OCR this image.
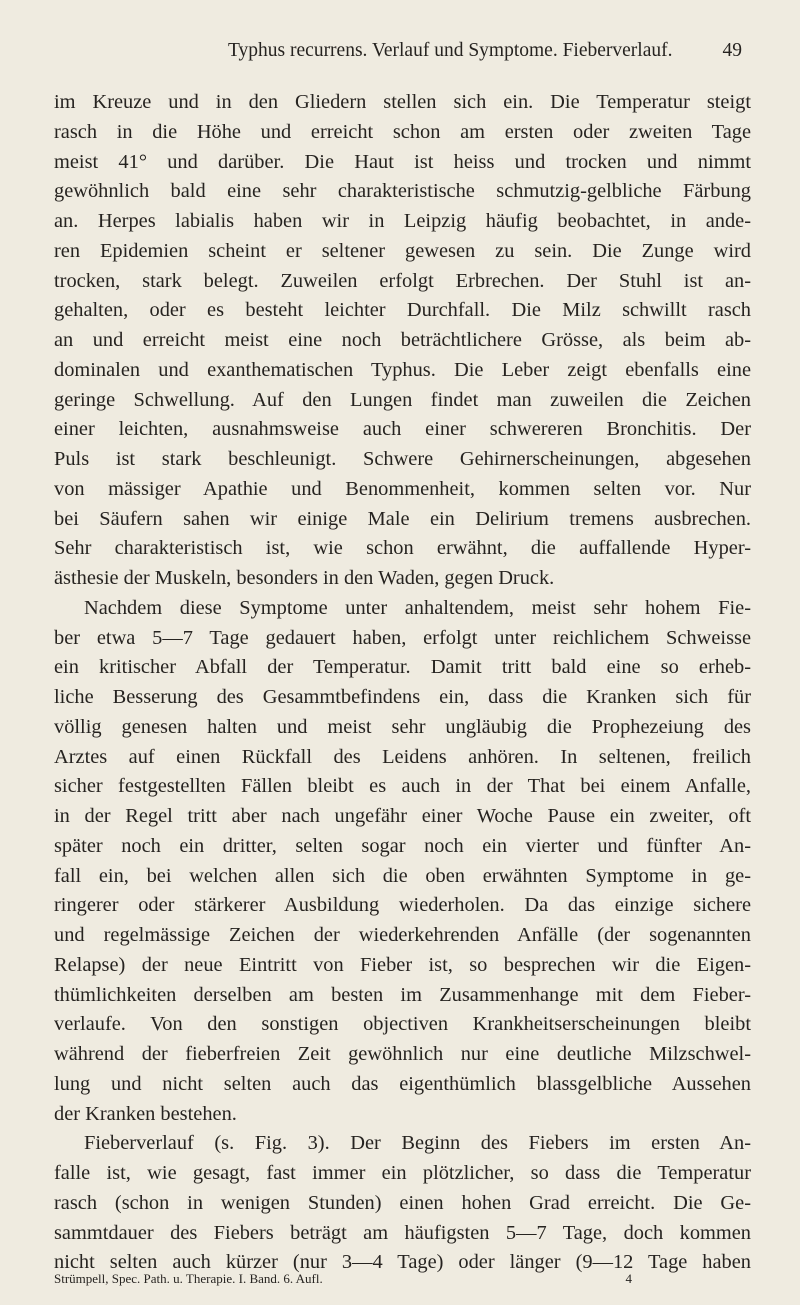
Typhus recurrens. Verlauf und Symptome. Fieberverlauf.	49
im Kreuze und in den Gliedern stellen sich ein. Die Temperatur steigt
rasch in die Höhe und erreicht schon am ersten oder zweiten Tage
meist 41° und darüber. Die Haut ist heiss und trocken und nimmt
gewöhnlich bald eine sehr charakteristische schmutzig-gelbliche Färbung
an. Herpes labialis haben wir in Leipzig häufig beobachtet, in ande-
ren Epidemien scheint er seltener gewesen zu sein. Die Zunge wird
trocken, stark belegt. Zuweilen erfolgt Erbrechen. Der Stuhl ist an-
gehalten, oder es besteht leichter Durchfall. Die Milz schwillt rasch
an und erreicht meist eine noch beträchtlichere Grösse, als beim ab-
dominalen und exanthematischen Typhus. Die Leber zeigt ebenfalls eine
geringe Schwellung. Auf den Lungen findet man zuweilen die Zeichen
einer leichten, ausnahmsweise auch einer schwereren Bronchitis. Der
Puls ist stark beschleunigt. Schwere Gehirnerscheinungen, abgesehen
von mässiger Apathie und Benommenheit, kommen selten vor. Nur
bei Säufern sahen wir einige Male ein Delirium tremens ausbrechen.
Sehr charakteristisch ist, wie schon erwähnt, die auffallende Hyper-
ästhesie der Muskeln, besonders in den Waden, gegen Druck.
Nachdem diese Symptome unter anhaltendem, meist sehr hohem Fie-
ber etwa 5—7 Tage gedauert haben, erfolgt unter reichlichem Schweisse
ein kritischer Abfall der Temperatur. Damit tritt bald eine so erheb-
liche Besserung des Gesammtbefindens ein, dass die Kranken sich für
völlig genesen halten und meist sehr ungläubig die Prophezeiung des
Arztes auf einen Rückfall des Leidens anhören. In seltenen, freilich
sicher festgestellten Fällen bleibt es auch in der That bei einem Anfalle,
in der Regel tritt aber nach ungefähr einer Woche Pause ein zweiter, oft
später noch ein dritter, selten sogar noch ein vierter und fünfter An-
fall ein, bei welchen allen sich die oben erwähnten Symptome in ge-
ringerer oder stärkerer Ausbildung wiederholen. Da das einzige sichere
und regelmässige Zeichen der wiederkehrenden Anfälle (der sogenannten
Relapse) der neue Eintritt von Fieber ist, so besprechen wir die Eigen-
thümlichkeiten derselben am besten im Zusammenhange mit dem Fieber-
verlaufe. Von den sonstigen objectiven Krankheitserscheinungen bleibt
während der fieberfreien Zeit gewöhnlich nur eine deutliche Milzschwel-
lung und nicht selten auch das eigenthümlich blassgelbliche Aussehen
der Kranken bestehen.
Fieberverlauf (s. Fig. 3). Der Beginn des Fiebers im ersten An-
falle ist, wie gesagt, fast immer ein plötzlicher, so dass die Temperatur
rasch (schon in wenigen Stunden) einen hohen Grad erreicht. Die Ge-
sammtdauer des Fiebers beträgt am häufigsten 5—7 Tage, doch kommen
nicht selten auch kürzer (nur 3—4 Tage) oder länger (9—12 Tage haben
Strümpell, Spec. Path. u. Therapie. I. Band. 6. Aufl.	4
